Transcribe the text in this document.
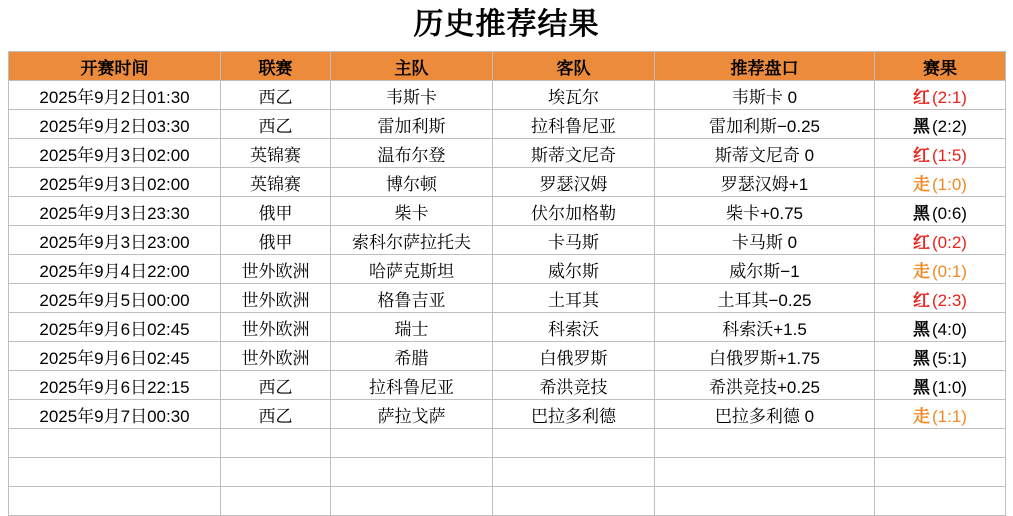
历史推荐结果
开赛时间	联赛	主队	客队	推荐盘口	赛果
2025年9月2日01:30	西乙	韦斯卡	埃瓦尔	韦斯卡 0	红 (2:1)
2025年9月2日03:30	西乙	雷加利斯	拉科鲁尼亚	雷加利斯−0.25	黑 (2:2)
2025年9月3日02:00	英锦赛	温布尔登	斯蒂文尼奇	斯蒂文尼奇 0	红 (1:5)
2025年9月3日02:00	英锦赛	博尔顿	罗瑟汉姆	罗瑟汉姆+1	走 (1:0)
2025年9月3日23:30	俄甲	柴卡	伏尔加格勒	柴卡+0.75	黑 (0:6)
2025年9月3日23:00	俄甲	索科尔萨拉托夫	卡马斯	卡马斯 0	红 (0:2)
2025年9月4日22:00	世外欧洲	哈萨克斯坦	威尔斯	威尔斯−1	走 (0:1)
2025年9月5日00:00	世外欧洲	格鲁吉亚	土耳其	土耳其−0.25	红 (2:3)
2025年9月6日02:45	世外欧洲	瑞士	科索沃	科索沃+1.5	黑 (4:0)
2025年9月6日02:45	世外欧洲	希腊	白俄罗斯	白俄罗斯+1.75	黑 (5:1)
2025年9月6日22:15	西乙	拉科鲁尼亚	希洪竞技	希洪竞技+0.25	黑 (1:0)
2025年9月7日00:30	西乙	萨拉戈萨	巴拉多利德	巴拉多利德 0	走 (1:1)
